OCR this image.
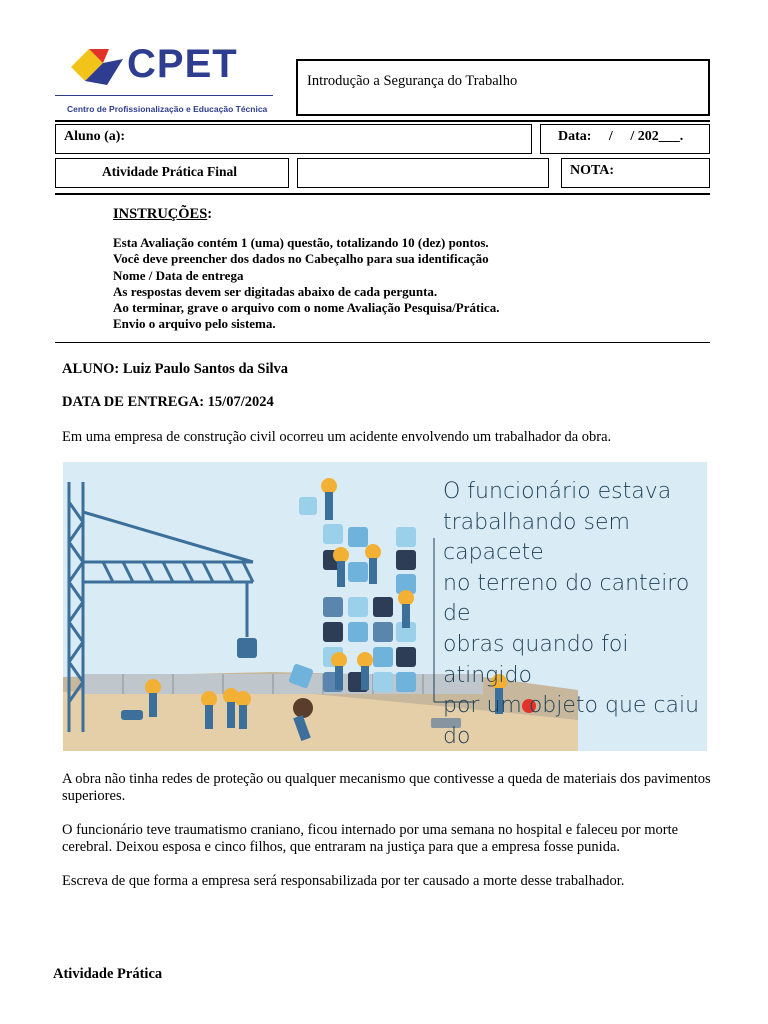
CPET
Centro de Profissionalização e Educação Técnica
Introdução a Segurança do Trabalho
Aluno (a):	Data:     /     / 202___.
Atividade Prática Final	NOTA:
INSTRUÇÕES:
Esta Avaliação contém 1 (uma) questão, totalizando 10 (dez) pontos.
Você deve preencher dos dados no Cabeçalho para sua identificação
Nome / Data de entrega
As respostas devem ser digitadas abaixo de cada pergunta.
Ao terminar, grave o arquivo com o nome Avaliação Pesquisa/Prática.
Envio o arquivo pelo sistema.
ALUNO: Luiz Paulo Santos da Silva
DATA DE ENTREGA: 15/07/2024
Em uma empresa de construção civil ocorreu um acidente envolvendo um trabalhador da obra.
O funcionário estava
trabalhando sem capacete
no terreno do canteiro de
obras quando foi atingido
por um objeto que caiu do
A obra não tinha redes de proteção ou qualquer mecanismo que contivesse a queda de materiais dos pavimentos superiores.
O funcionário teve traumatismo craniano, ficou internado por uma semana no hospital e faleceu por morte cerebral. Deixou esposa e cinco filhos, que entraram na justiça para que a empresa fosse punida.
Escreva de que forma a empresa será responsabilizada por ter causado a morte desse trabalhador.
Atividade Prática
